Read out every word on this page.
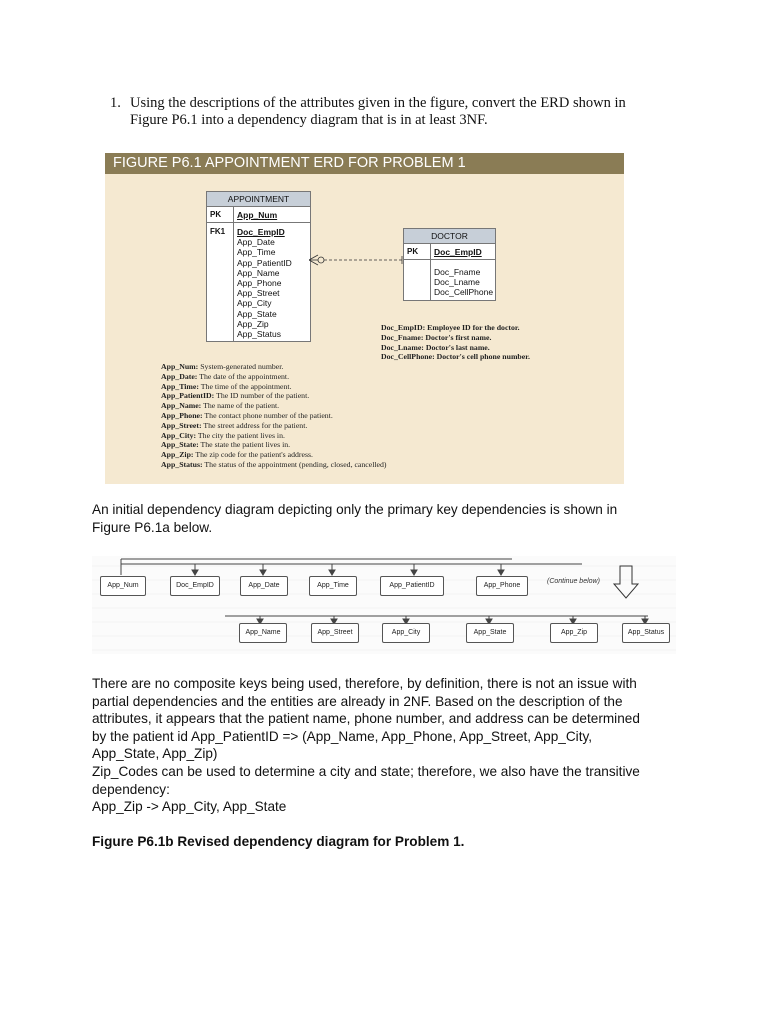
1. Using the descriptions of the attributes given in the figure, convert the ERD shown in Figure P6.1 into a dependency diagram that is in at least 3NF.
FIGURE P6.1 APPOINTMENT ERD FOR PROBLEM 1
APPOINTMENT
PK App_Num
FK1 Doc_EmpID
App_Date
App_Time
App_PatientID
App_Name
App_Phone
App_Street
App_City
App_State
App_Zip
App_Status
DOCTOR
PK Doc_EmpID
Doc_Fname
Doc_Lname
Doc_CellPhone
Doc_EmpID: Employee ID for the doctor.
Doc_Fname: Doctor's first name.
Doc_Lname: Doctor's last name.
Doc_CellPhone: Doctor's cell phone number.
App_Num: System-generated number.
App_Date: The date of the appointment.
App_Time: The time of the appointment.
App_PatientID: The ID number of the patient.
App_Name: The name of the patient.
App_Phone: The contact phone number of the patient.
App_Street: The street address for the patient.
App_City: The city the patient lives in.
App_State: The state the patient lives in.
App_Zip: The zip code for the patient's address.
App_Status: The status of the appointment (pending, closed, cancelled)
An initial dependency diagram depicting only the primary key dependencies is shown in
Figure P6.1a below.
App_Num	Doc_EmpID	App_Date	App_Time	App_PatientID	App_Phone
(Continue below)
App_Name	App_Street	App_City	App_State	App_Zip	App_Status
There are no composite keys being used, therefore, by definition, there is not an issue with
partial dependencies and the entities are already in 2NF. Based on the description of the
attributes, it appears that the patient name, phone number, and address can be determined
by the patient id App_PatientID => (App_Name, App_Phone, App_Street, App_City,
App_State, App_Zip)
Zip_Codes can be used to determine a city and state; therefore, we also have the transitive
dependency:
App_Zip -> App_City, App_State
Figure P6.1b Revised dependency diagram for Problem 1.
